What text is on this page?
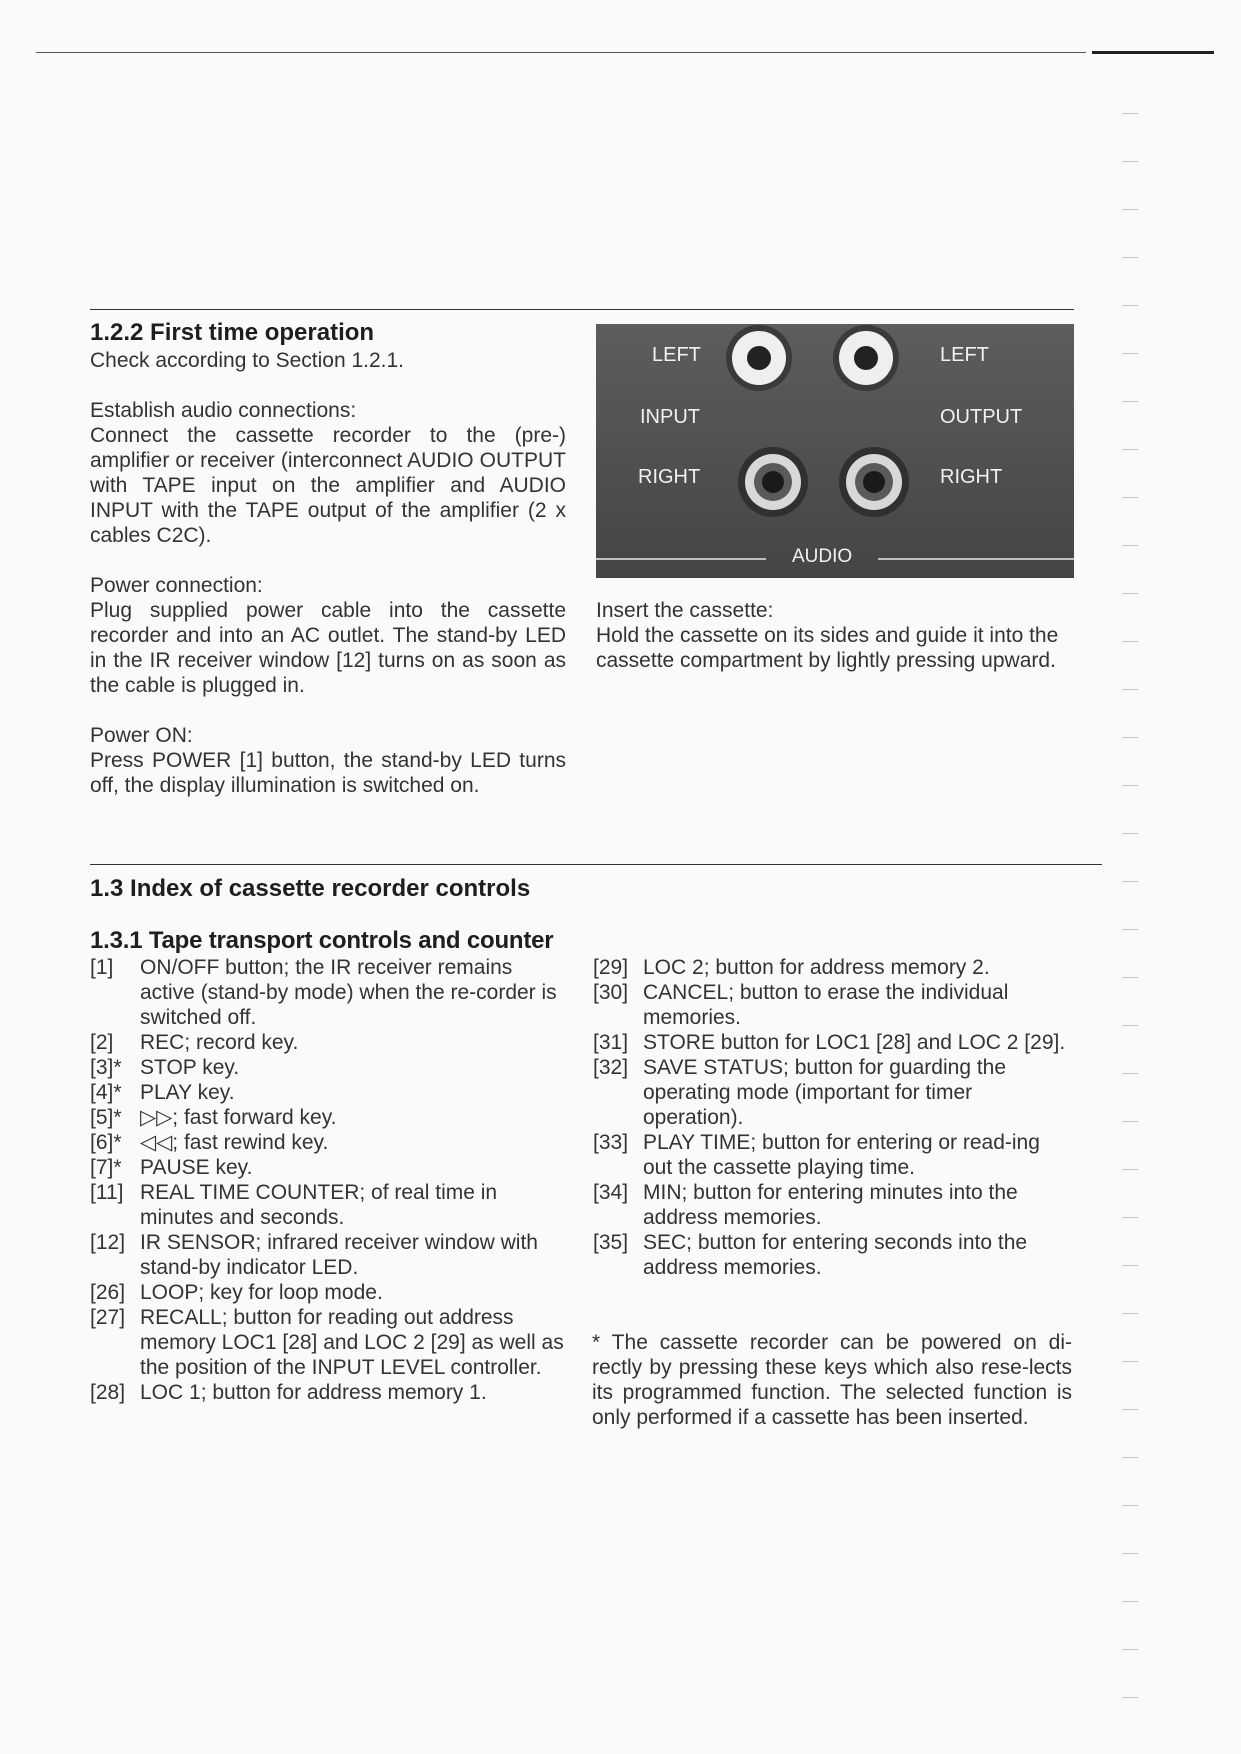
1.2.2 First time operation
Check according to Section 1.2.1.
Establish audio connections:
Connect the cassette recorder to the (pre-) amplifier or receiver (interconnect AUDIO OUTPUT with TAPE input on the amplifier and AUDIO INPUT with the TAPE output of the amplifier (2 x cables C2C).
Power connection:
Plug supplied power cable into the cassette recorder and into an AC outlet. The stand-by LED in the IR receiver window [12] turns on as soon as the cable is plugged in.
Power ON:
Press POWER [1] button, the stand-by LED turns off, the display illumination is switched on.
LEFT
INPUT
RIGHT
LEFT
OUTPUT
RIGHT
AUDIO
Insert the cassette:
Hold the cassette on its sides and guide it into the cassette compartment by lightly pressing upward.
1.3 Index of cassette recorder controls
1.3.1 Tape transport controls and counter
[1]	ON/OFF button; the IR receiver remains active (stand-by mode) when the re-corder is switched off.
[2]	REC; record key.
[3]* STOP key.
[4]* PLAY key.
[5]* ▷▷; fast forward key.
[6]* ◁◁; fast rewind key.
[7]* PAUSE key.
[11] REAL TIME COUNTER; of real time in minutes and seconds.
[12] IR SENSOR; infrared receiver window with stand-by indicator LED.
[26] LOOP; key for loop mode.
[27] RECALL; button for reading out address memory LOC1 [28] and LOC 2 [29] as well as the position of the INPUT LEVEL controller.
[28] LOC 1; button for address memory 1.
[29] LOC 2; button for address memory 2.
[30] CANCEL; button to erase the individual memories.
[31] STORE button for LOC1 [28] and LOC 2 [29].
[32] SAVE STATUS; button for guarding the operating mode (important for timer operation).
[33] PLAY TIME; button for entering or read-ing out the cassette playing time.
[34] MIN; button for entering minutes into the address memories.
[35] SEC; button for entering seconds into the address memories.
* The cassette recorder can be powered on di-rectly by pressing these keys which also rese-lects its programmed function. The selected function is only performed if a cassette has been inserted.
